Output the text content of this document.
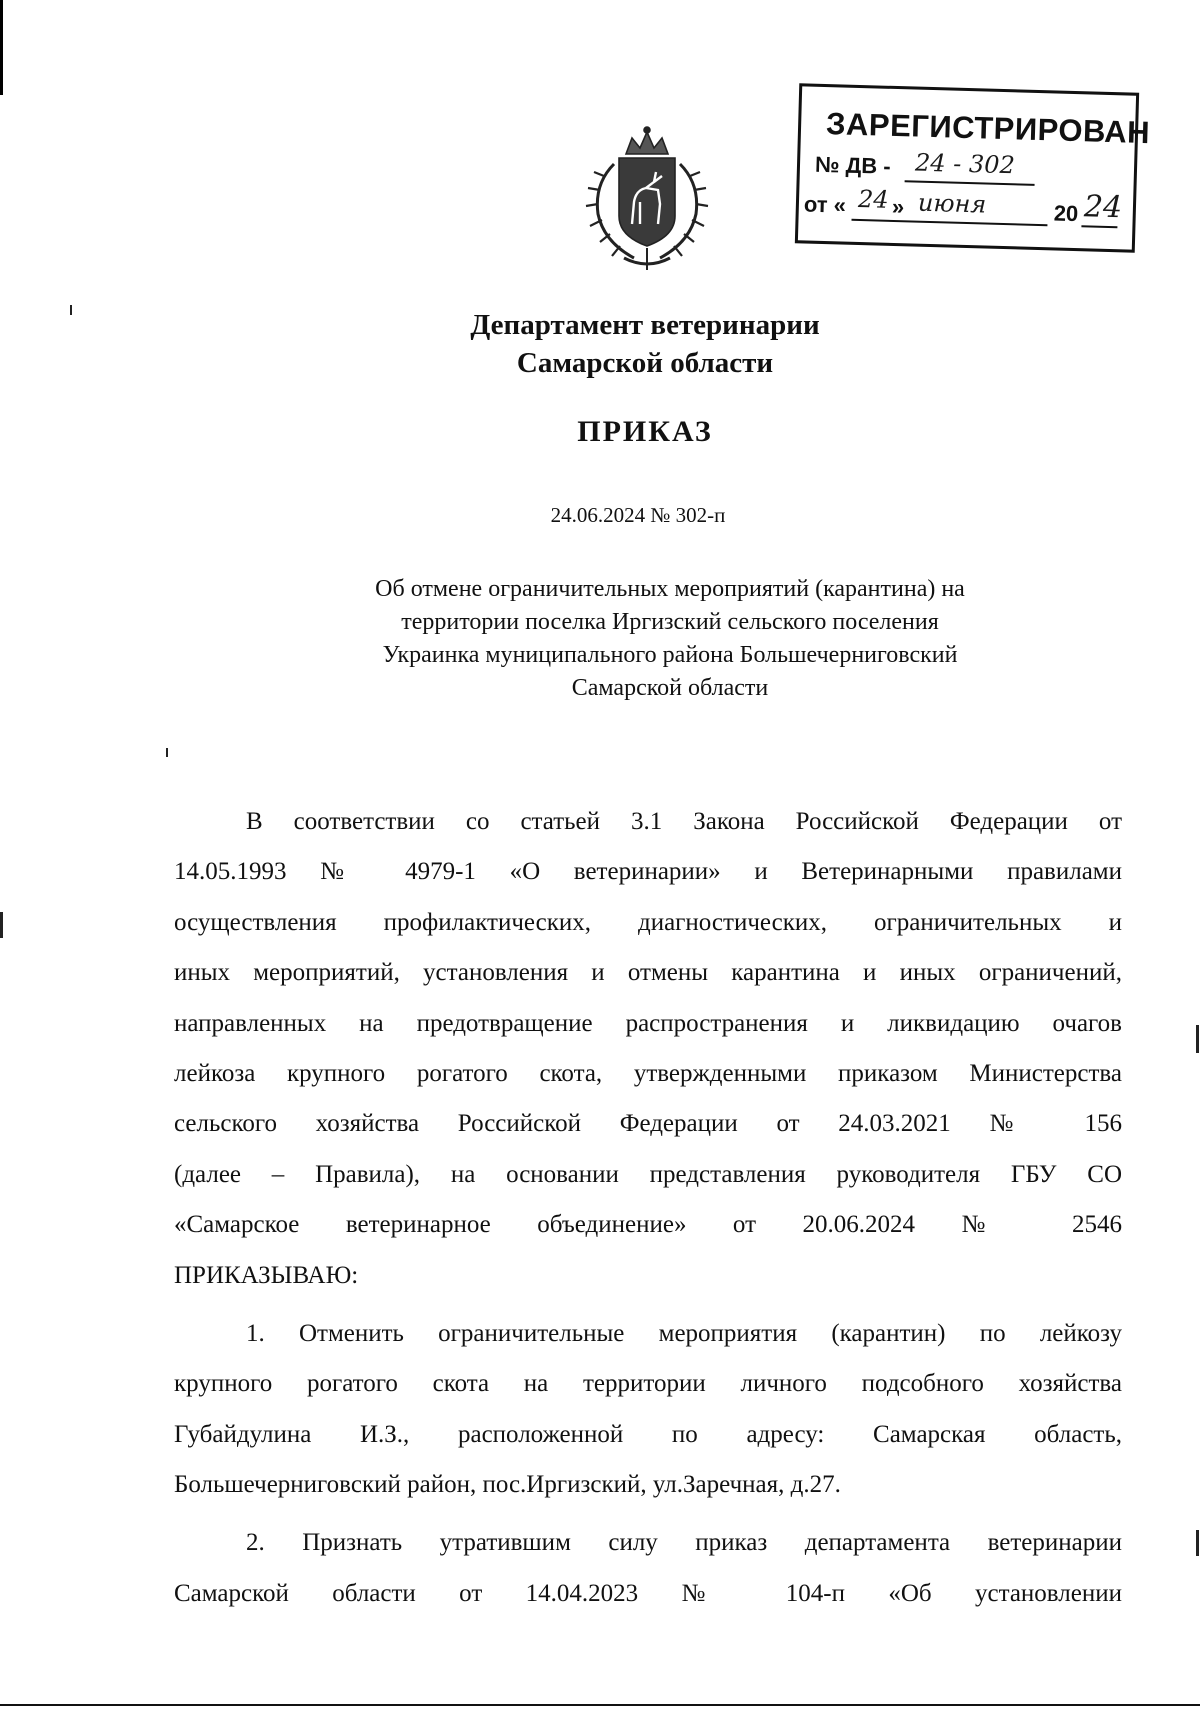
ЗАРЕГИСТРИРОВАН
№ ДВ - 24 - 302
от « 24 » июня	20 24
Департамент ветеринарии
Самарской области
ПРИКАЗ
24.06.2024 № 302-п
Об отмене ограничительных мероприятий (карантина) на
территории поселка Иргизский сельского поселения
Украинка муниципального района Большечерниговский
Самарской области
В соответствии со статьей 3.1 Закона Российской Федерации от
14.05.1993 № 4979-1 «О ветеринарии» и Ветеринарными правилами
осуществления профилактических, диагностических, ограничительных и
иных мероприятий, установления и отмены карантина и иных ограничений,
направленных на предотвращение распространения и ликвидацию очагов
лейкоза крупного рогатого скота, утвержденными приказом Министерства
сельского хозяйства Российской Федерации от 24.03.2021 № 156
(далее – Правила), на основании представления руководителя ГБУ СО
«Самарское ветеринарное объединение» от 20.06.2024 № 2546
ПРИКАЗЫВАЮ:
1. Отменить ограничительные мероприятия (карантин) по лейкозу
крупного рогатого скота на территории личного подсобного хозяйства
Губайдулина И.З., расположенной по адресу: Самарская область,
Большечерниговский район, пос.Иргизский, ул.Заречная, д.27.
2. Признать утратившим силу приказ департамента ветеринарии
Самарской области от 14.04.2023 № 104-п «Об установлении
